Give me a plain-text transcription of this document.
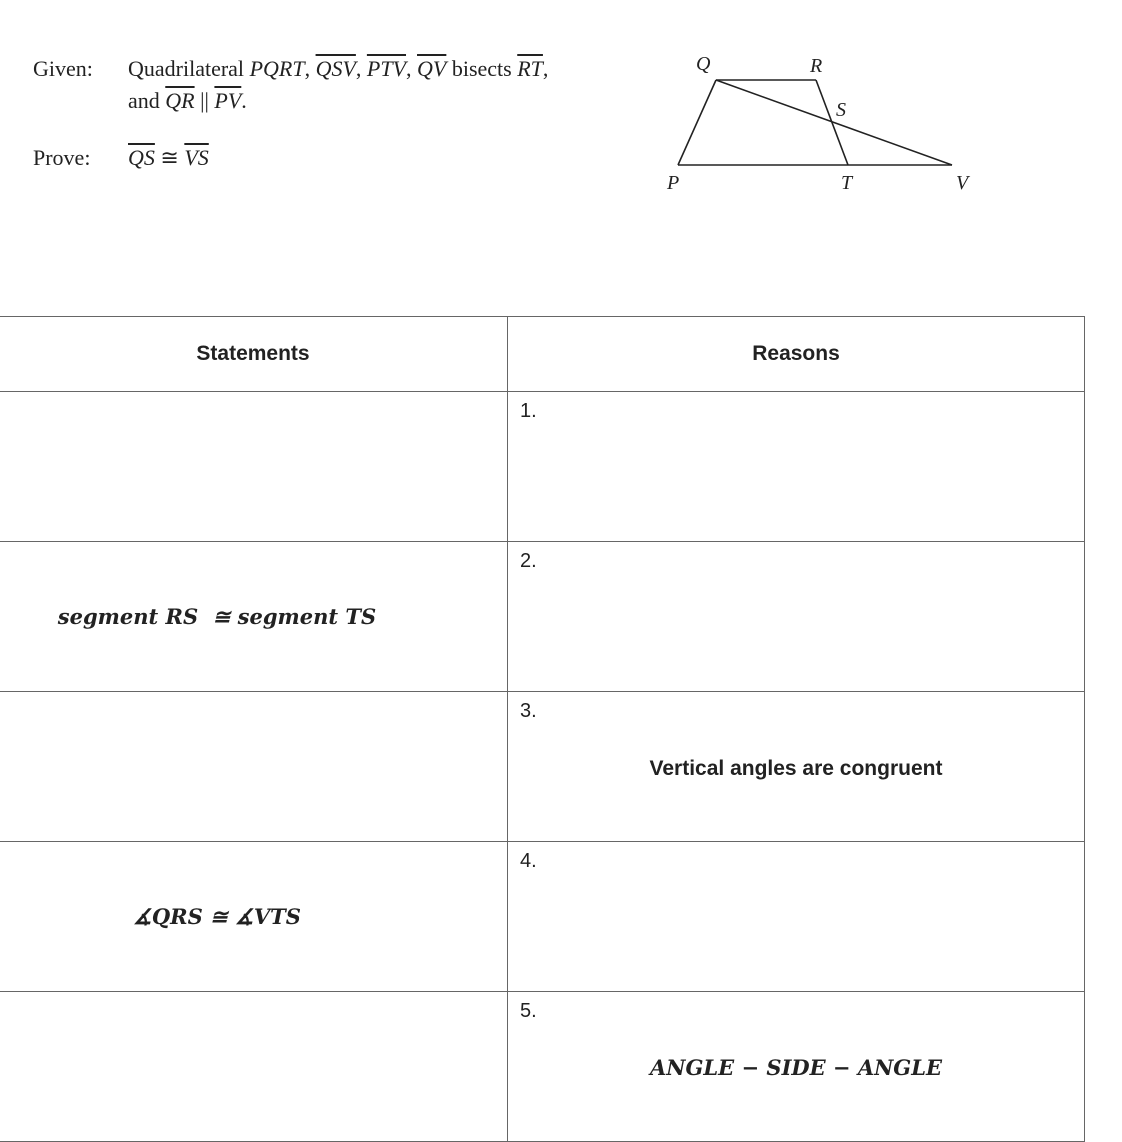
Given: Quadrilateral PQRT, $\overline{QSV}$, $\overline{PTV}$, $\overline{QV}$ bisects $\overline{RT}$,
and $\overline{QR}$ || $\overline{PV}$.
Prove: $\overline{QS}$ ≅ $\overline{VS}$
Q	R
S
P	T	V
Statements	Reasons

	1.

segment RS  ≅ segment TS	2.

	3.
Vertical angles are congruent

∡QRS ≅ ∡VTS	4.

	5.
ANGLE − SIDE − ANGLE
